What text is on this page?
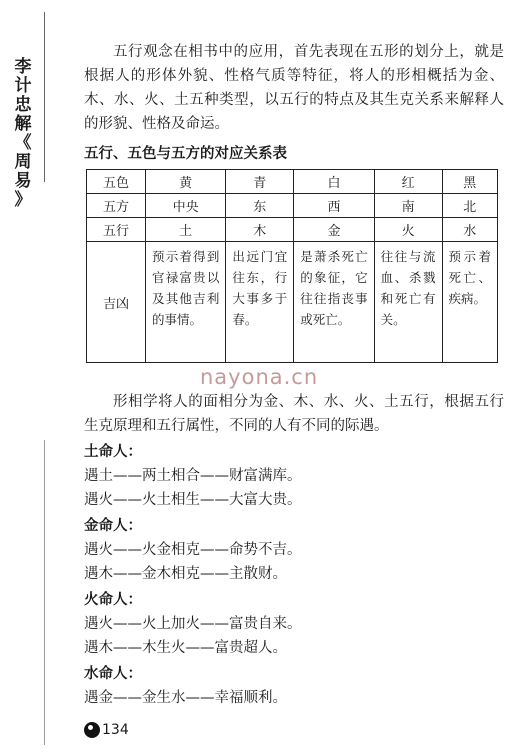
李
计
忠
解
《
周
易
》

五行观念在相书中的应用，首先表现在五形的划分上，就是根据人的形体外貌、性格气质等特征，将人的形相概括为金、木、水、火、土五种类型，以五行的特点及其生克关系来解释人的形貌、性格及命运。

五行、五色与五方的对应关系表
五色	黄	青	白	红	黑
五方	中央	东	西	南	北
五行	土	木	金	火	水
吉凶	预示着得到官禄富贵以及其他吉利的事情。	出远门宜往东，行大事多于春。	是萧杀死亡的象征，它往往指丧事或死亡。	往往与流血、杀戮和死亡有关。	预示着死亡、疾病。
nayona.cn

形相学将人的面相分为金、木、水、火、土五行，根据五行生克原理和五行属性，不同的人有不同的际遇。

土命人：
遇土——两土相合——财富满库。
遇火——火土相生——大富大贵。
金命人：
遇火——火金相克——命势不吉。
遇木——金木相克——主散财。
火命人：
遇火——火上加火——富贵自来。
遇木——木生火——富贵超人。
水命人：
遇金——金生水——幸福顺利。
134
